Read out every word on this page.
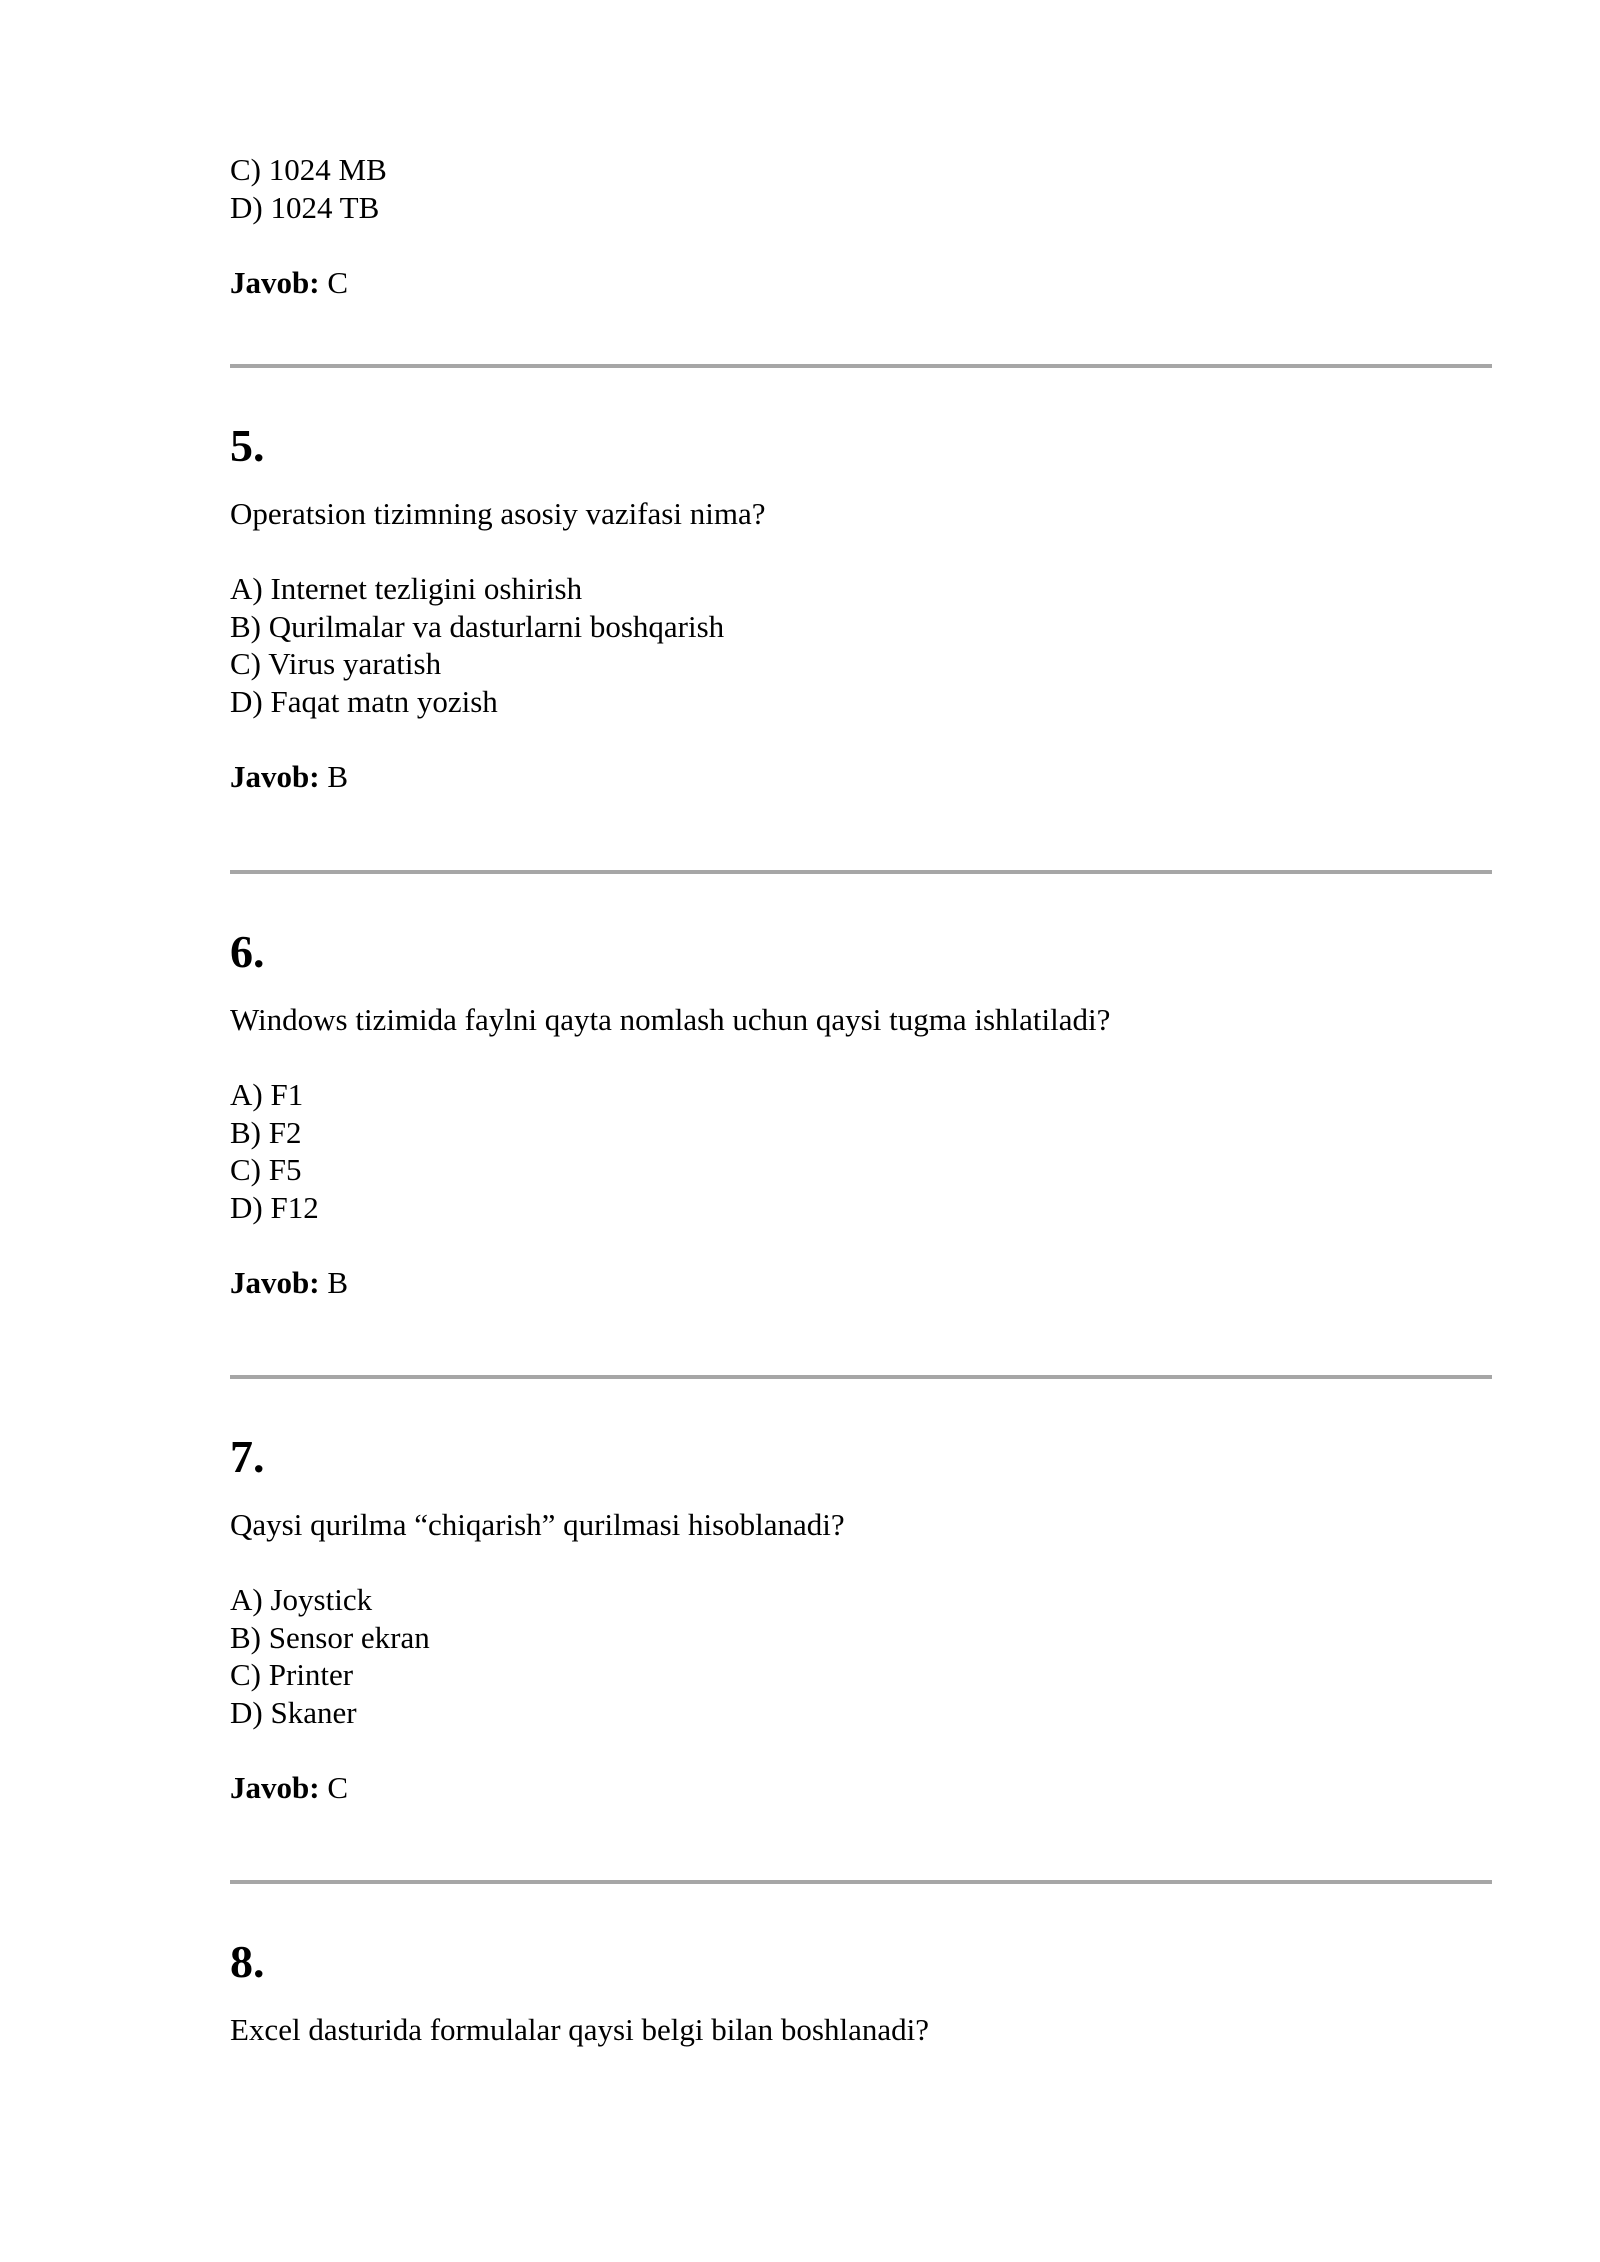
C) 1024 MB
D) 1024 TB
Javob: C
5.
Operatsion tizimning asosiy vazifasi nima?
A) Internet tezligini oshirish
B) Qurilmalar va dasturlarni boshqarish
C) Virus yaratish
D) Faqat matn yozish
Javob: B
6.
Windows tizimida faylni qayta nomlash uchun qaysi tugma ishlatiladi?
A) F1
B) F2
C) F5
D) F12
Javob: B
7.
Qaysi qurilma “chiqarish” qurilmasi hisoblanadi?
A) Joystick
B) Sensor ekran
C) Printer
D) Skaner
Javob: C
8.
Excel dasturida formulalar qaysi belgi bilan boshlanadi?
